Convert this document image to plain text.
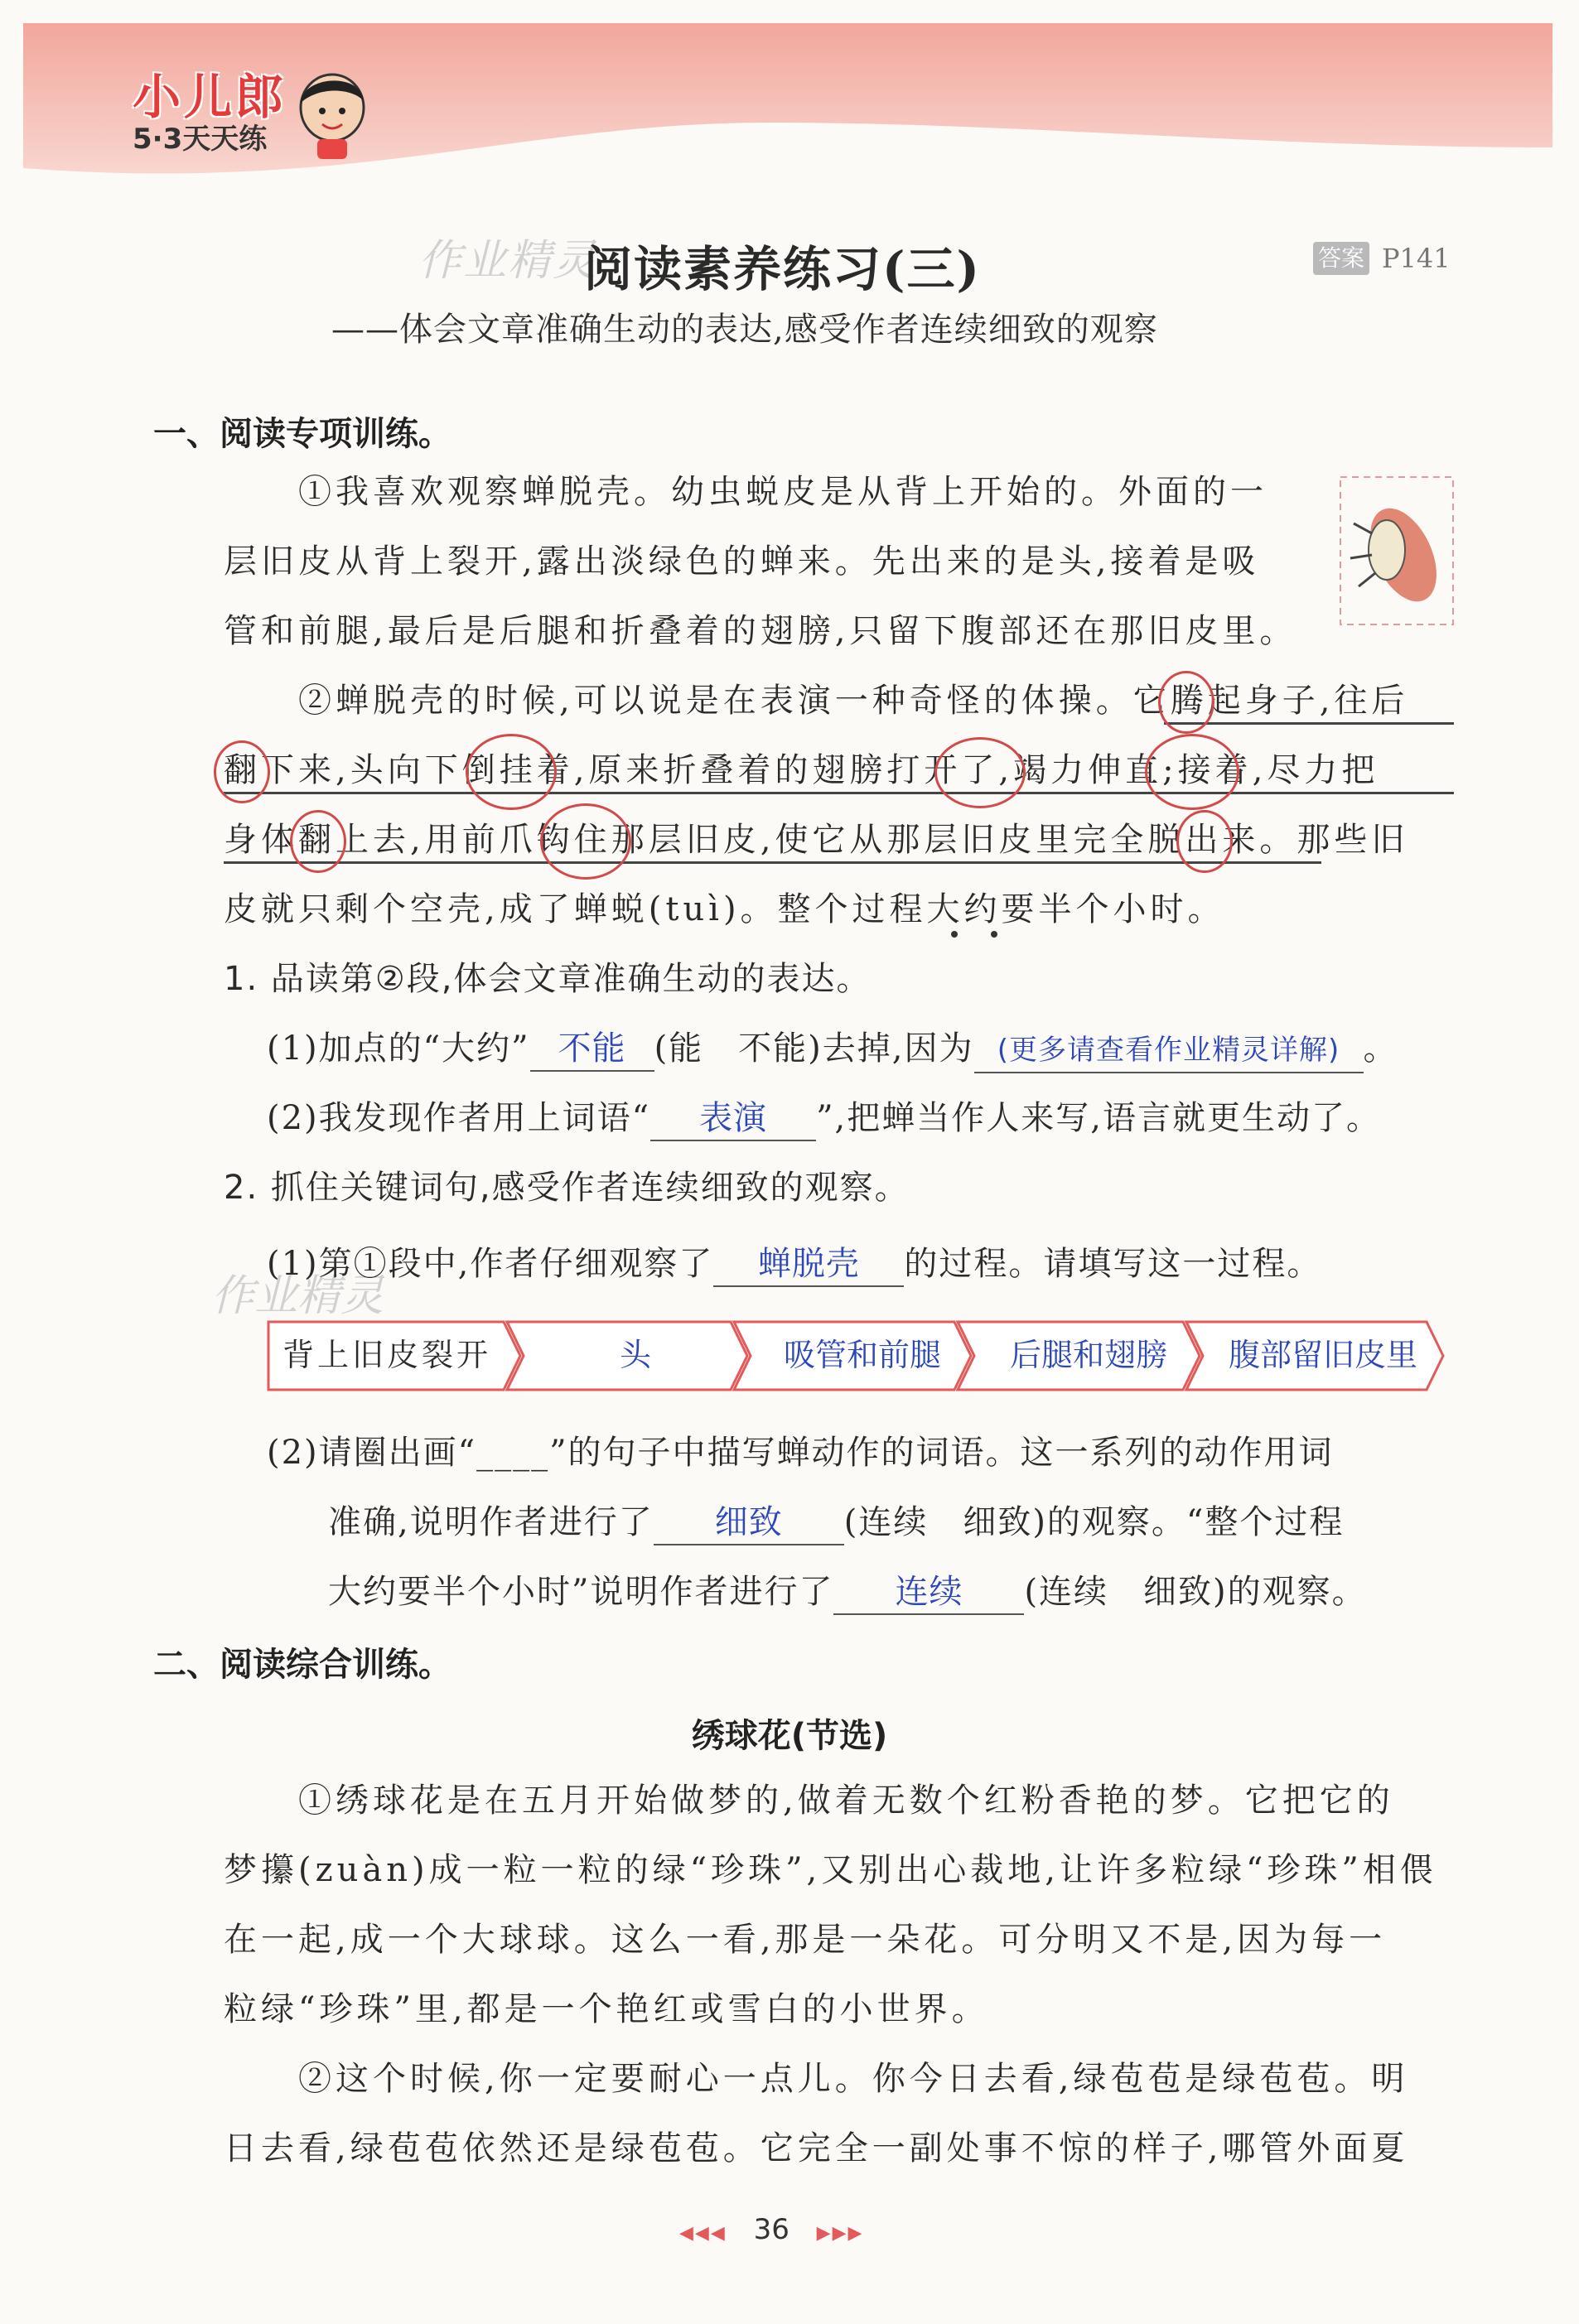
小儿郎
5·3天天练
作业精灵
阅读素养练习(三)	答案 P141
——体会文章准确生动的表达,感受作者连续细致的观察
一、阅读专项训练。
①我喜欢观察蝉脱壳。幼虫蜕皮是从背上开始的。外面的一
层旧皮从背上裂开,露出淡绿色的蝉来。先出来的是头,接着是吸
管和前腿,最后是后腿和折叠着的翅膀,只留下腹部还在那旧皮里。
②蝉脱壳的时候,可以说是在表演一种奇怪的体操。它腾起身子,往后
翻下来,头向下倒挂着,原来折叠着的翅膀打开了,竭力伸直;接着,尽力把
身体翻上去,用前爪钩住那层旧皮,使它从那层旧皮里完全脱出来。那些旧
皮就只剩个空壳,成了蝉蜕(tuì)。整个过程大约要半个小时。
1. 品读第②段,体会文章准确生动的表达。
(1)加点的“大约” 不能 (能　不能)去掉,因为 (更多请查看作业精灵详解) 。
(2)我发现作者用上词语“ 表演 ”,把蝉当作人来写,语言就更生动了。
2. 抓住关键词句,感受作者连续细致的观察。
作业精灵
(1)第①段中,作者仔细观察了 蝉脱壳 的过程。请填写这一过程。
背上旧皮裂开	头	吸管和前腿	后腿和翅膀	腹部留旧皮里
(2)请圈出画“____”的句子中描写蝉动作的词语。这一系列的动作用词
准确,说明作者进行了 细致 (连续　细致)的观察。“整个过程
大约要半个小时”说明作者进行了 连续 (连续　细致)的观察。
二、阅读综合训练。
绣球花(节选)
①绣球花是在五月开始做梦的,做着无数个红粉香艳的梦。它把它的
梦攥(zuàn)成一粒一粒的绿“珍珠”,又别出心裁地,让许多粒绿“珍珠”相偎
在一起,成一个大球球。这么一看,那是一朵花。可分明又不是,因为每一
粒绿“珍珠”里,都是一个艳红或雪白的小世界。
②这个时候,你一定要耐心一点儿。你今日去看,绿苞苞是绿苞苞。明
日去看,绿苞苞依然还是绿苞苞。它完全一副处事不惊的样子,哪管外面夏
◀◀◀ 36 ▶▶▶
